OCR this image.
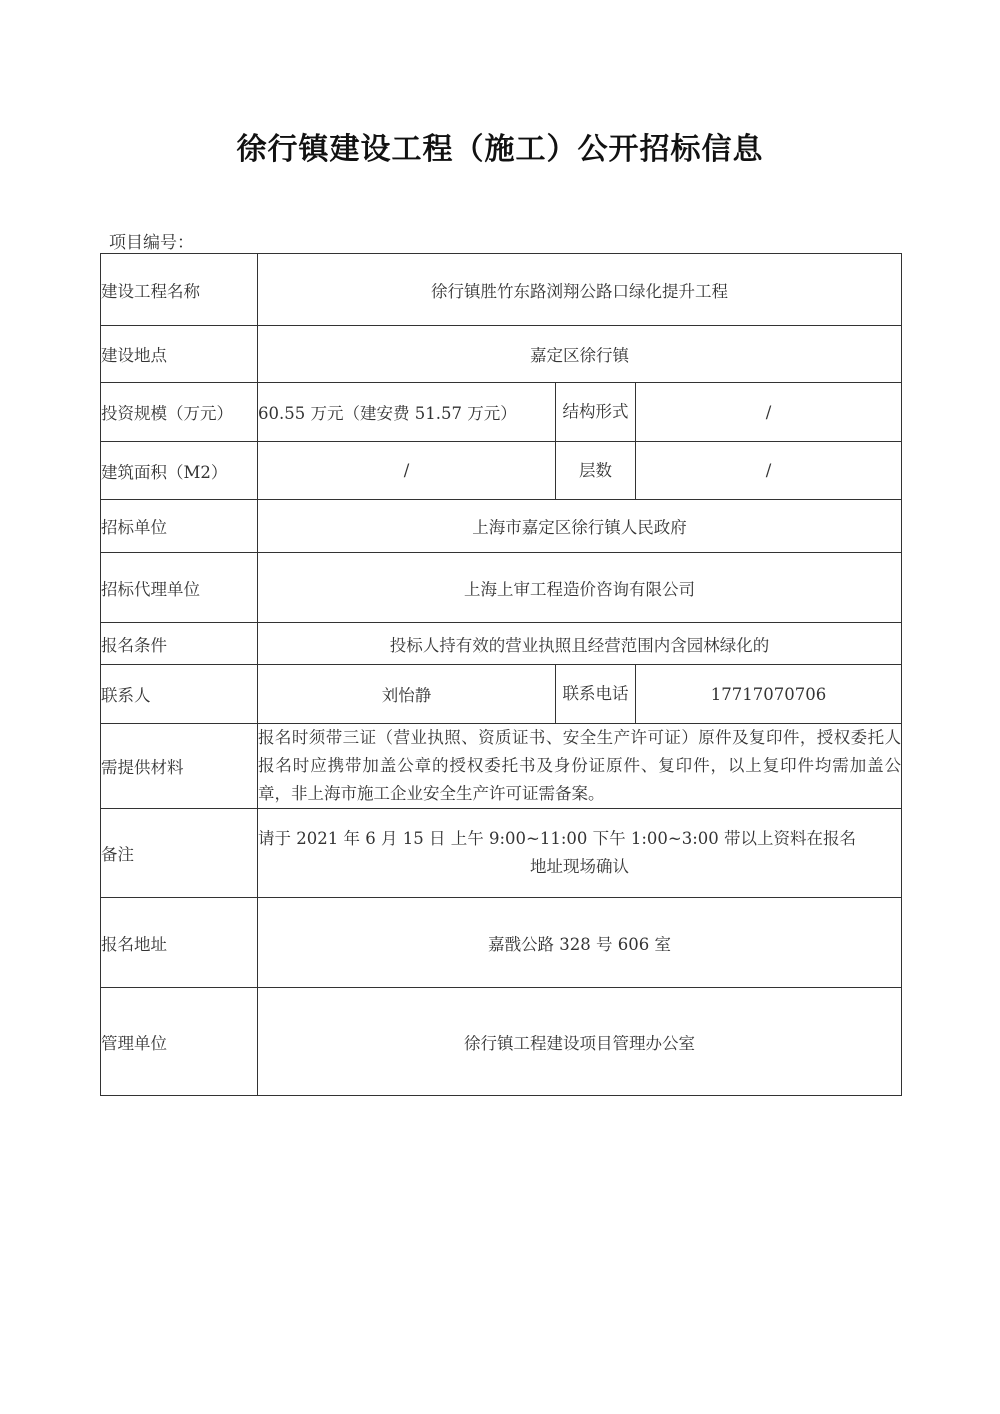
徐行镇建设工程（施工）公开招标信息
项目编号：
建设工程名称	徐行镇胜竹东路浏翔公路口绿化提升工程		
建设地点	嘉定区徐行镇		
投资规模（万元）	60.55 万元（建安费 51.57 万元）	结构形式	/
建筑面积（M2）	/	层数	/
招标单位	上海市嘉定区徐行镇人民政府		
招标代理单位	上海上审工程造价咨询有限公司		
报名条件	投标人持有效的营业执照且经营范围内含园林绿化的		
联系人	刘怡静	联系电话	17717070706
需提供材料	报名时须带三证（营业执照、资质证书、安全生产许可证）原件及复印件，授权委托人报名时应携带加盖公章的授权委托书及身份证原件、复印件，以上复印件均需加盖公章，非上海市施工企业安全生产许可证需备案。		
备注	请于 2021 年 6 月 15 日 上午 9:00~11:00 下午 1:00~3:00 带以上资料在报名
地址现场确认		

报名地址	嘉戬公路 328 号 606 室		
管理单位	徐行镇工程建设项目管理办公室		
